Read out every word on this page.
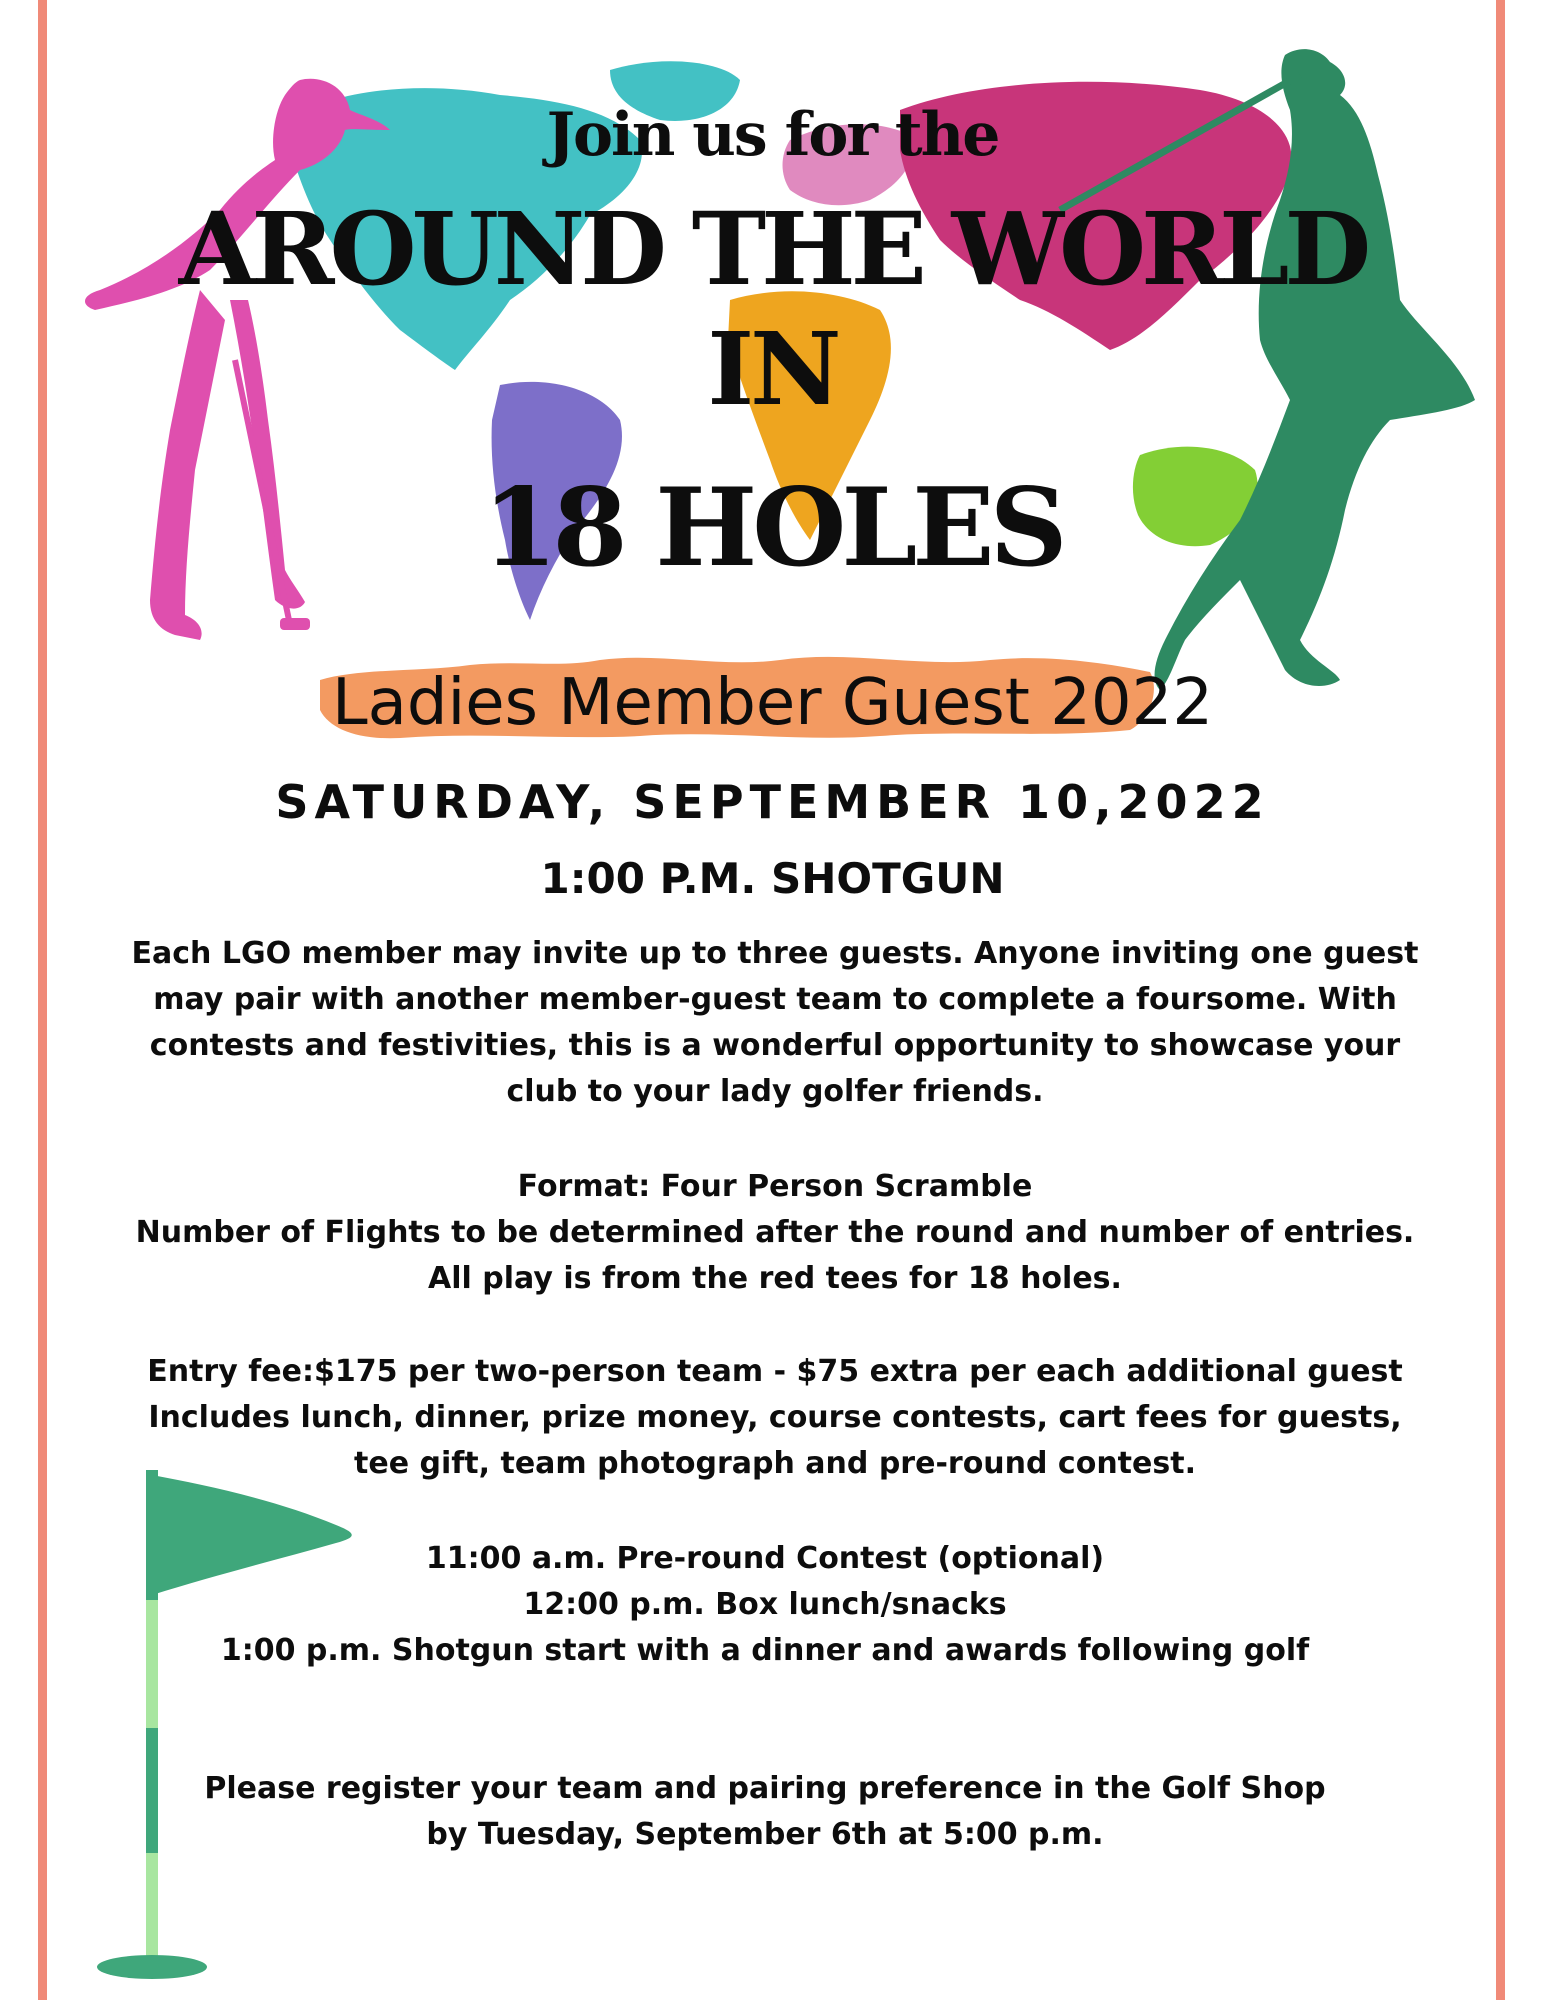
Join us for the
AROUND THE WORLD
IN
18 HOLES
Ladies Member Guest 2022
SATURDAY, SEPTEMBER 10,2022
1:00 P.M. SHOTGUN
Each LGO member may invite up to three guests. Anyone inviting one guest
may pair with another member-guest team to complete a foursome. With
contests and festivities, this is a wonderful opportunity to showcase your
club to your lady golfer friends.
Format: Four Person Scramble
Number of Flights to be determined after the round and number of entries.
All play is from the red tees for 18 holes.
Entry fee:$175 per two-person team - $75 extra per each additional guest
Includes lunch, dinner, prize money, course contests, cart fees for guests,
tee gift, team photograph and pre-round contest.
11:00 a.m. Pre-round Contest (optional)
12:00 p.m. Box lunch/snacks
1:00 p.m. Shotgun start with a dinner and awards following golf
Please register your team and pairing preference in the Golf Shop
by Tuesday, September 6th at 5:00 p.m.
